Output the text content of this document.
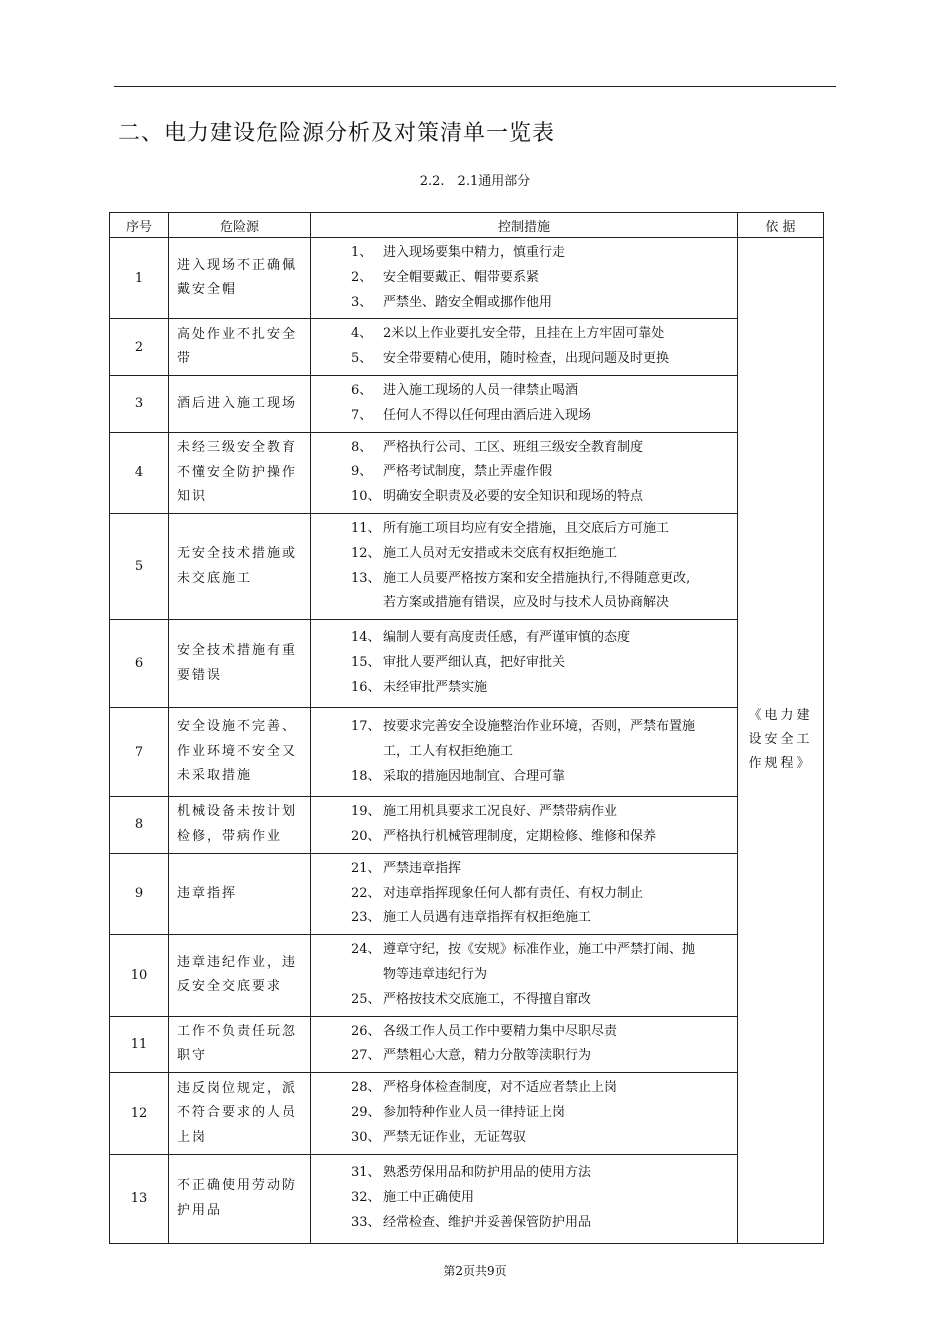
二、电力建设危险源分析及对策清单一览表
2.2.　2.1通用部分
序号	危险源	控制措施	依 据
1	进入现场不正确佩戴安全帽	1、 进入现场要集中精力，慎重行走
2、 安全帽要戴正、帽带要系紧
3、 严禁坐、踏安全帽或挪作他用	《电力建设安全工作规程》
2	高处作业不扎安全带	4、 2米以上作业要扎安全带，且挂在上方牢固可靠处
5、 安全带要精心使用，随时检查，出现问题及时更换	

3	酒后进入施工现场	6、 进入施工现场的人员一律禁止喝酒
7、 任何人不得以任何理由酒后进入现场	

4	未经三级安全教育不懂安全防护操作知识	8、 严格执行公司、工区、班组三级安全教育制度
9、 严格考试制度，禁止弄虚作假
10、 明确安全职责及必要的安全知识和现场的特点	

5	无安全技术措施或未交底施工	11、 所有施工项目均应有安全措施，且交底后方可施工
12、 施工人员对无安措或未交底有权拒绝施工
13、 施工人员要严格按方案和安全措施执行,不得随意更改,
若方案或措施有错误，应及时与技术人员协商解决	

6	安全技术措施有重要错误	14、 编制人要有高度责任感，有严谨审慎的态度
15、 审批人要严细认真，把好审批关
16、 未经审批严禁实施	

7	安全设施不完善、作业环境不安全又未采取措施	17、 按要求完善安全设施整治作业环境，否则，严禁布置施
工，工人有权拒绝施工
18、 采取的措施因地制宜、合理可靠	

8	机械设备未按计划检修，带病作业	19、 施工用机具要求工况良好、严禁带病作业
20、 严格执行机械管理制度，定期检修、维修和保养	

9	违章指挥	21、 严禁违章指挥
22、 对违章指挥现象任何人都有责任、有权力制止
23、 施工人员遇有违章指挥有权拒绝施工	

10	违章违纪作业，违反安全交底要求	24、 遵章守纪，按《安规》标准作业，施工中严禁打闹、抛
物等违章违纪行为
25、 严格按技术交底施工，不得擅自窜改	

11	工作不负责任玩忽职守	26、 各级工作人员工作中要精力集中尽职尽责
27、 严禁粗心大意，精力分散等渎职行为	

12	违反岗位规定，派不符合要求的人员上岗	28、 严格身体检查制度，对不适应者禁止上岗
29、 参加特种作业人员一律持证上岗
30、 严禁无证作业，无证驾驭	

13	不正确使用劳动防护用品	31、 熟悉劳保用品和防护用品的使用方法
32、 施工中正确使用
33、 经常检查、维护并妥善保管防护用品	
第2页共9页
